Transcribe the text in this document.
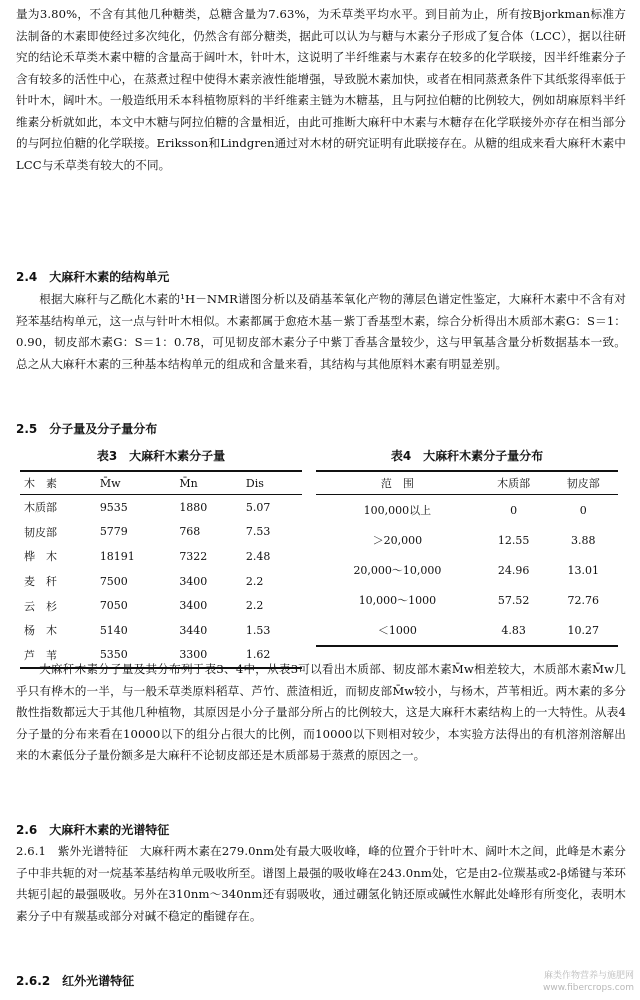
量为3.80%，不含有其他几种糖类，总糖含量为7.63%，为禾草类平均水平。到目前为止，所有按Bjorkman标准方法制备的木素即使经过多次纯化，仍然含有部分糖类，据此可以认为与糖与木素分子形成了复合体（LCC），据以往研究的结论禾草类木素中糖的含量高于阔叶木，针叶木，这说明了半纤维素与木素存在较多的化学联接，因半纤维素分子含有较多的活性中心，在蒸煮过程中使得木素亲液性能增强，导致脱木素加快，或者在相同蒸煮条件下其纸浆得率低于针叶木，阔叶木。一般造纸用禾本科植物原料的半纤维素主链为木糖基，且与阿拉伯糖的比例较大，例如胡麻原料半纤维素分析就如此，本文中木糖与阿拉伯糖的含量相近，由此可推断大麻秆中木素与木糖存在化学联接外亦存在相当部分的与阿拉伯糖的化学联接。Eriksson和Lindgren通过对木材的研究证明有此联接存在。从糖的组成来看大麻秆木素中LCC与禾草类有较大的不同。

2.4　大麻秆木素的结构单元

根据大麻秆与乙酰化木素的¹H－NMR谱图分析以及硝基苯氧化产物的薄层色谱定性鉴定，大麻秆木素中不含有对羟苯基结构单元，这一点与针叶木相似。木素都属于愈疮木基－紫丁香基型木素，综合分析得出木质部木素G：S＝1：0.90，韧皮部木素G：S＝1：0.78，可见韧皮部木素分子中紫丁香基含量较少，这与甲氧基含量分析数据基本一致。总之从大麻秆木素的三种基本结构单元的组成和含量来看，其结构与其他原料木素有明显差别。

2.5　分子量及分子量分布
表3　大麻秆木素分子量
木　素	M̄w	M̄n	Dis
木质部	9535	1880	5.07
韧皮部	5779	768	7.53
桦　木	18191	7322	2.48
麦　秆	7500	3400	2.2
云　杉	7050	3400	2.2
杨　木	5140	3440	1.53
芦　苇	5350	3300	1.62
表4　大麻秆木素分子量分布
范　围	木质部	韧皮部
100,000以上	0	0
＞20,000	12.55	3.88
20,000～10,000	24.96	13.01
10,000～1000	57.52	72.76
＜1000	4.83	10.27

大麻秆木素分子量及其分布列于表3、4中，从表3可以看出木质部、韧皮部木素M̄w相差较大，木质部木素M̄w几乎只有桦木的一半，与一般禾草类原料稻草、芦竹、蔗渣相近，而韧皮部M̄w较小，与杨木，芦苇相近。两木素的多分散性指数都远大于其他几种植物，其原因是小分子量部分所占的比例较大，这是大麻秆木素结构上的一大特性。从表4分子量的分布来看在10000以下的组分占很大的比例，而10000以下则相对较少，本实验方法得出的有机溶剂溶解出来的木素低分子量份额多是大麻秆不论韧皮部还是木质部易于蒸煮的原因之一。

2.6　大麻秆木素的光谱特征

2.6.1　紫外光谱特征　大麻秆两木素在279.0nm处有最大吸收峰，峰的位置介于针叶木、阔叶木之间，此峰是木素分子中非共轭的对一烷基苯基结构单元吸收所至。谱图上最强的吸收峰在243.0nm处，它是由2-位羰基或2-β烯键与苯环共轭引起的最强吸收。另外在310nm～340nm还有弱吸收，通过硼氢化钠还原或碱性水解此处峰形有所变化，表明木素分子中有羰基或部分对碱不稳定的酯键存在。

2.6.2　红外光谱特征	麻类作物营养与施肥网
www.fibercrops.com
